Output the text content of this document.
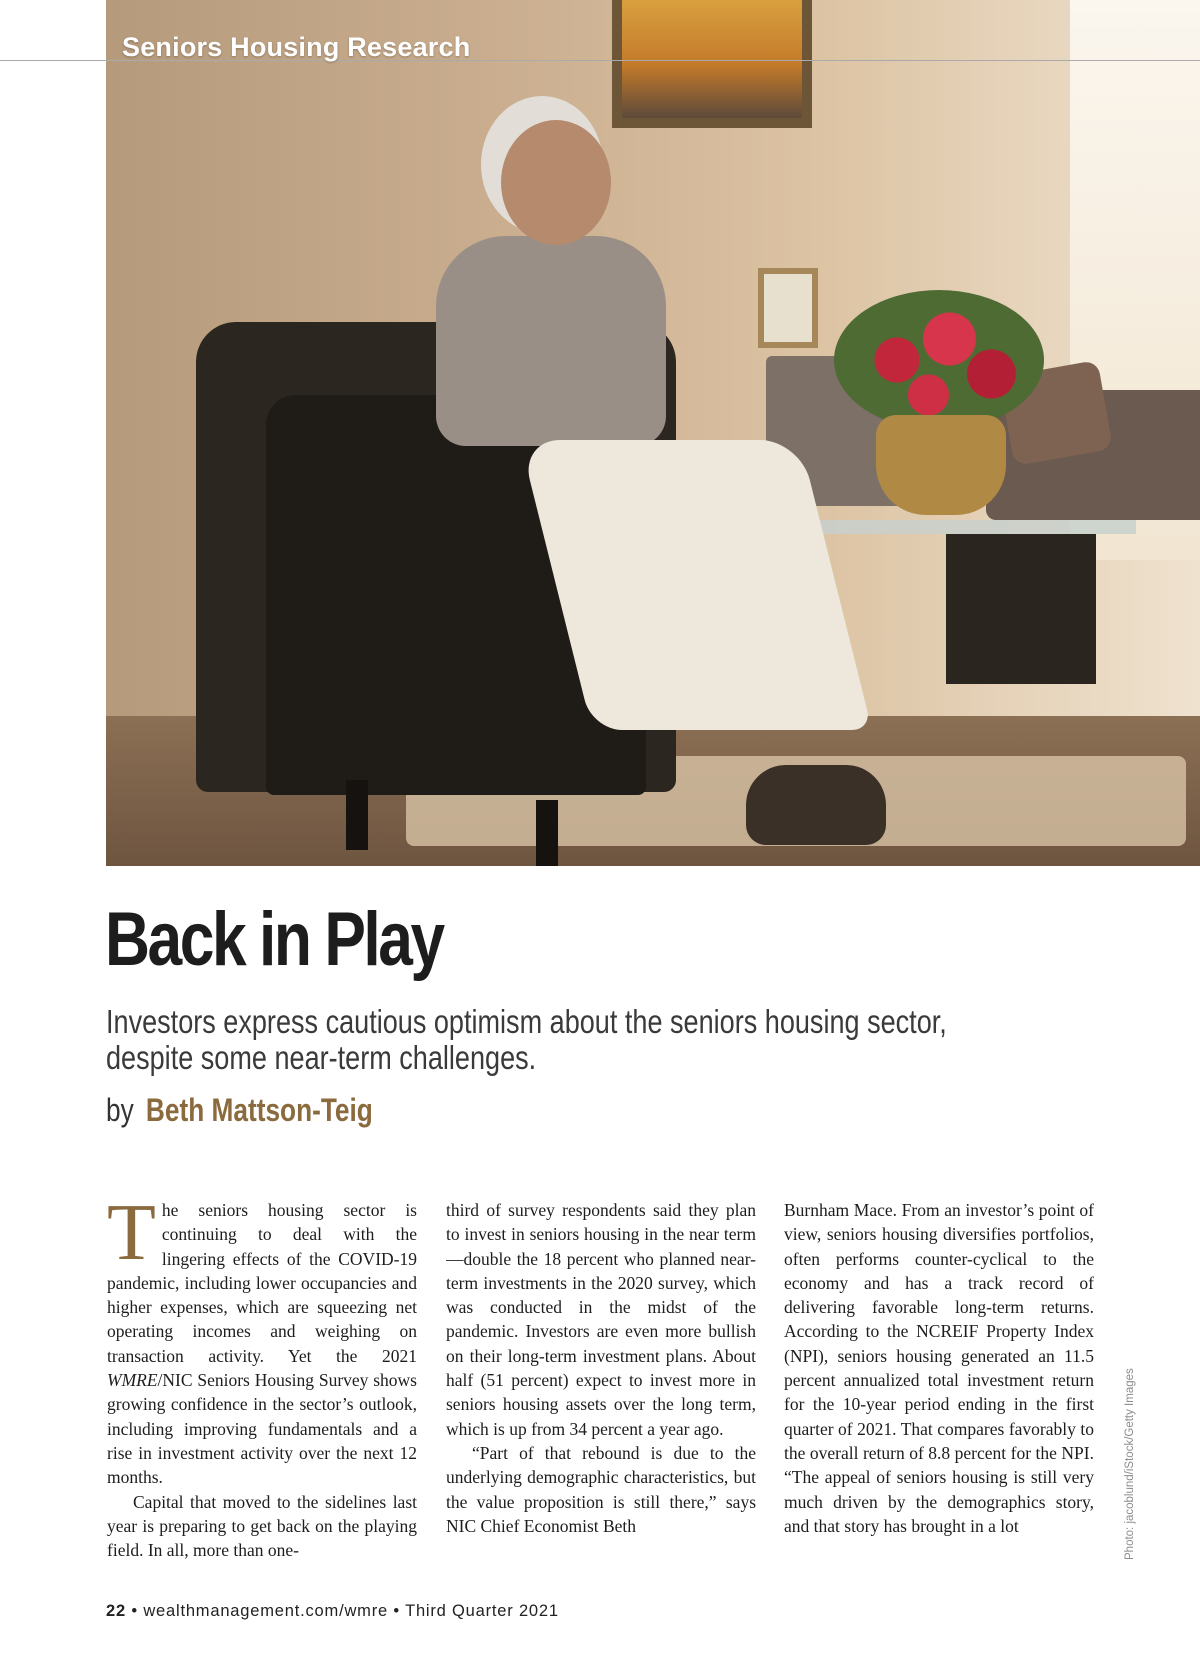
Seniors Housing Research
Back in Play

Investors express cautious optimism about the seniors housing sector, despite some near-term challenges.

by Beth Mattson-Teig

The seniors housing sector is continuing to deal with the lingering effects of the COVID-19 pandemic, including lower occupancies and higher expenses, which are squeezing net operating incomes and weighing on transaction activity. Yet the 2021 WMRE/NIC Seniors Housing Survey shows growing confidence in the sector’s outlook, including improving fundamentals and a rise in investment activity over the next 12 months.

Capital that moved to the sidelines last year is preparing to get back on the playing field. In all, more than one-

third of survey respondents said they plan to invest in seniors housing in the near term—double the 18 percent who planned near-term investments in the 2020 survey, which was conducted in the midst of the pandemic. Investors are even more bullish on their long-term investment plans. About half (51 percent) expect to invest more in seniors housing assets over the long term, which is up from 34 percent a year ago.

“Part of that rebound is due to the underlying demographic characteristics, but the value proposition is still there,” says NIC Chief Economist Beth

Burnham Mace. From an investor’s point of view, seniors housing diversifies portfolios, often performs counter-cyclical to the economy and has a track record of delivering favorable long-term returns. According to the NCREIF Property Index (NPI), seniors housing generated an 11.5 percent annualized total investment return for the 10-year period ending in the first quarter of 2021. That compares favorably to the overall return of 8.8 percent for the NPI. “The appeal of seniors housing is still very much driven by the demographics story, and that story has brought in a lot	Photo: jacoblund/iStock/Getty Images

22 • wealthmanagement.com/wmre • Third Quarter 2021
